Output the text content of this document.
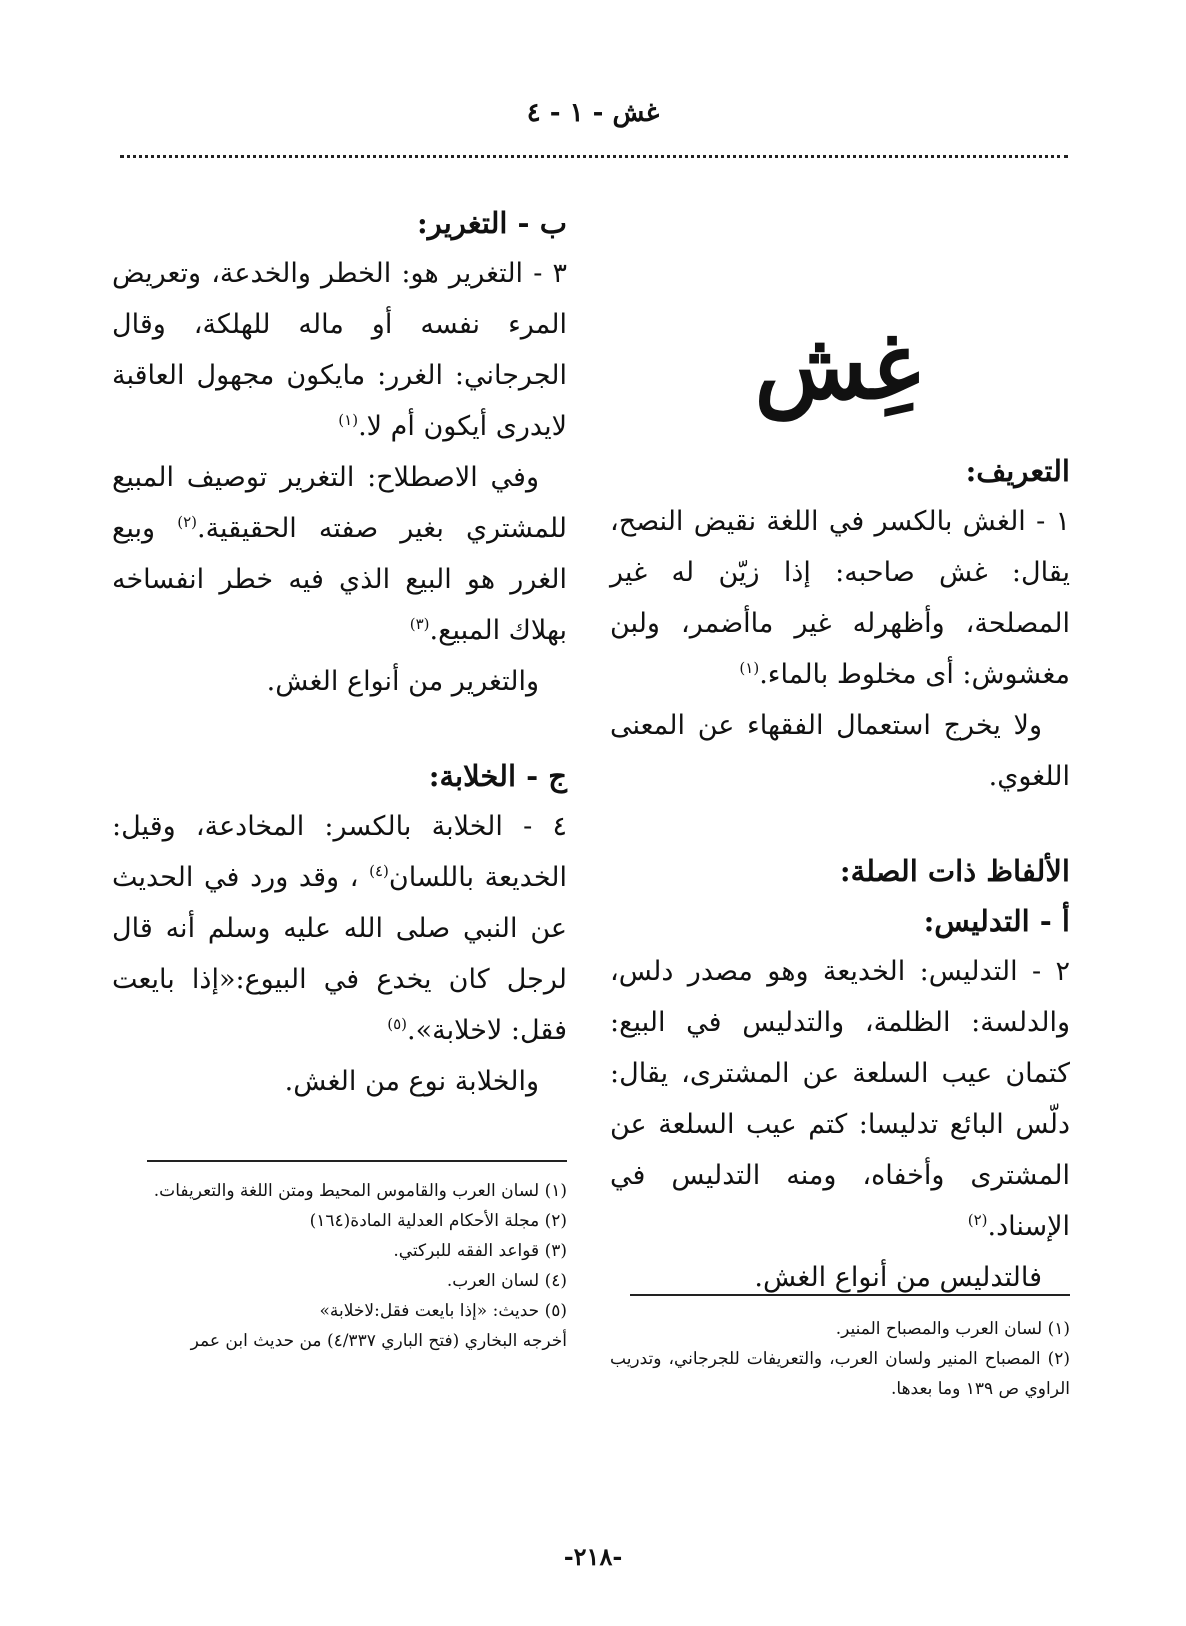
غش - ١ - ٤
غِش

التعريف:

١ - الغش بالكسر في اللغة نقيض النصح، يقال: غش صاحبه: إذا زيّن له غير المصلحة، وأظهرله غير ماأضمر، ولبن مغشوش: أى مخلوط بالماء.$^{(١)}$

ولا يخرج استعمال الفقهاء عن المعنى اللغوي.

الألفاظ ذات الصلة:

أ - التدليس:

٢ - التدليس: الخديعة وهو مصدر دلس، والدلسة: الظلمة، والتدليس في البيع: كتمان عيب السلعة عن المشترى، يقال: دلّس البائع تدليسا: كتم عيب السلعة عن المشترى وأخفاه، ومنه التدليس في الإسناد.$^{(٢)}$

فالتدليس من أنواع الغش.

(١) لسان العرب والمصباح المنير.

(٢) المصباح المنير ولسان العرب، والتعريفات للجرجاني، وتدريب الراوي ص ١٣٩ وما بعدها.

ب - التغرير:

٣ - التغرير هو: الخطر والخدعة، وتعريض المرء نفسه أو ماله للهلكة، وقال الجرجاني: الغرر: مايكون مجهول العاقبة لايدرى أيكون أم لا.$^{(١)}$

وفي الاصطلاح: التغرير توصيف المبيع للمشتري بغير صفته الحقيقية.$^{(٢)}$ وبيع الغرر هو البيع الذي فيه خطر انفساخه بهلاك المبيع.$^{(٣)}$

والتغرير من أنواع الغش.

ج - الخلابة:

٤ - الخلابة بالكسر: المخادعة، وقيل: الخديعة باللسان$^{(٤)}$ ، وقد ورد في الحديث عن النبي صلى الله عليه وسلم أنه قال لرجل كان يخدع في البيوع:«إذا بايعت فقل: لاخلابة».$^{(٥)}$

والخلابة نوع من الغش.

(١) لسان العرب والقاموس المحيط ومتن اللغة والتعريفات.

(٢) مجلة الأحكام العدلية المادة(١٦٤)

(٣) قواعد الفقه للبركتي.

(٤) لسان العرب.

(٥) حديث: «إذا بايعت فقل:لاخلابة»

أخرجه البخاري (فتح الباري ٤/٣٣٧) من حديث ابن عمر

-٢١٨-
